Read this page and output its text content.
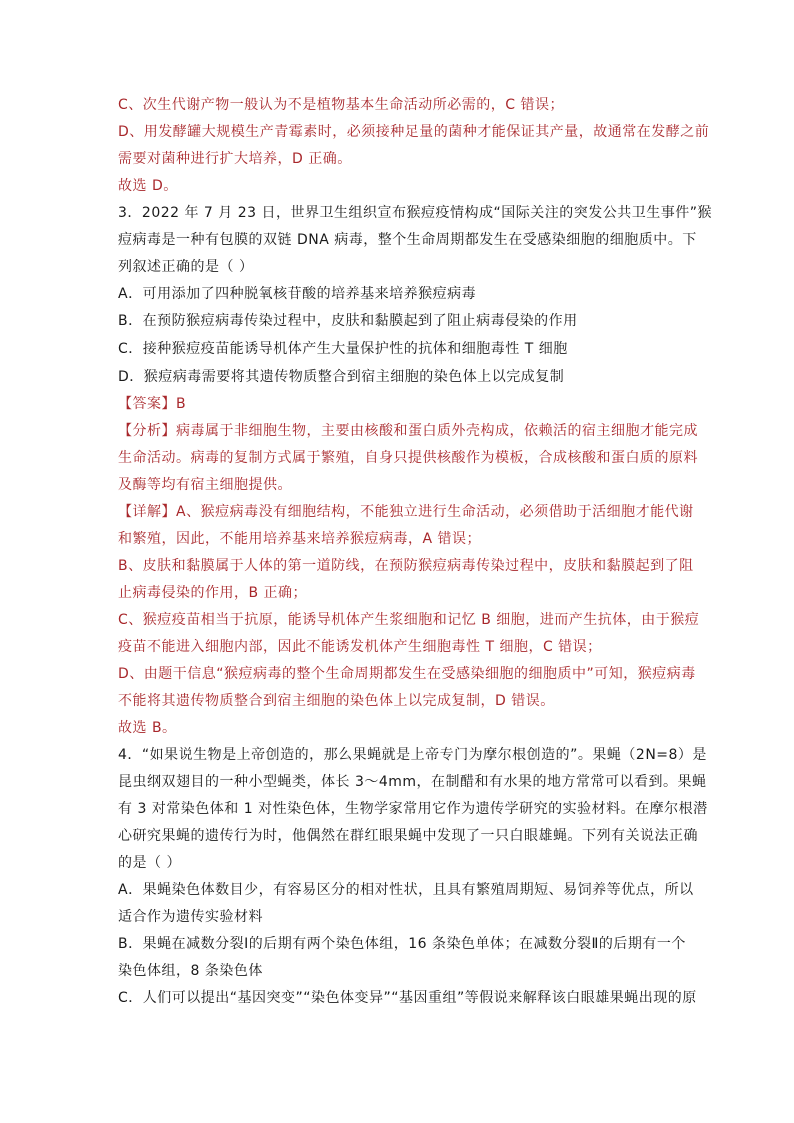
C、次生代谢产物一般认为不是植物基本生命活动所必需的，C 错误；
D、用发酵罐大规模生产青霉素时，必须接种足量的菌种才能保证其产量，故通常在发酵之前
需要对菌种进行扩大培养，D 正确。
故选 D。
3．2022 年 7 月 23 日，世界卫生组织宣布猴痘疫情构成“国际关注的突发公共卫生事件”猴
痘病毒是一种有包膜的双链 DNA 病毒，整个生命周期都发生在受感染细胞的细胞质中。下
列叙述正确的是（ ）
A．可用添加了四种脱氧核苷酸的培养基来培养猴痘病毒
B．在预防猴痘病毒传染过程中，皮肤和黏膜起到了阻止病毒侵染的作用
C．接种猴痘疫苗能诱导机体产生大量保护性的抗体和细胞毒性 T 细胞
D．猴痘病毒需要将其遗传物质整合到宿主细胞的染色体上以完成复制
【答案】B
【分析】病毒属于非细胞生物，主要由核酸和蛋白质外壳构成，依赖活的宿主细胞才能完成
生命活动。病毒的复制方式属于繁殖，自身只提供核酸作为模板，合成核酸和蛋白质的原料
及酶等均有宿主细胞提供。
【详解】A、猴痘病毒没有细胞结构，不能独立进行生命活动，必须借助于活细胞才能代谢
和繁殖，因此，不能用培养基来培养猴痘病毒，A 错误；
B、皮肤和黏膜属于人体的第一道防线，在预防猴痘病毒传染过程中，皮肤和黏膜起到了阻
止病毒侵染的作用，B 正确；
C、猴痘疫苗相当于抗原，能诱导机体产生浆细胞和记忆 B 细胞，进而产生抗体，由于猴痘
疫苗不能进入细胞内部，因此不能诱发机体产生细胞毒性 T 细胞，C 错误；
D、由题干信息“猴痘病毒的整个生命周期都发生在受感染细胞的细胞质中”可知，猴痘病毒
不能将其遗传物质整合到宿主细胞的染色体上以完成复制，D 错误。
故选 B。
4．“如果说生物是上帝创造的，那么果蝇就是上帝专门为摩尔根创造的”。果蝇（2N=8）是
昆虫纲双翅目的一种小型蝇类，体长 3～4mm，在制醋和有水果的地方常常可以看到。果蝇
有 3 对常染色体和 1 对性染色体，生物学家常用它作为遗传学研究的实验材料。在摩尔根潜
心研究果蝇的遗传行为时，他偶然在群红眼果蝇中发现了一只白眼雄蝇。下列有关说法正确
的是（ ）
A．果蝇染色体数目少，有容易区分的相对性状，且具有繁殖周期短、易饲养等优点，所以
适合作为遗传实验材料
B．果蝇在减数分裂Ⅰ的后期有两个染色体组，16 条染色单体；在减数分裂Ⅱ的后期有一个
染色体组，8 条染色体
C．人们可以提出“基因突变”“染色体变异”“基因重组”等假说来解释该白眼雄果蝇出现的原
